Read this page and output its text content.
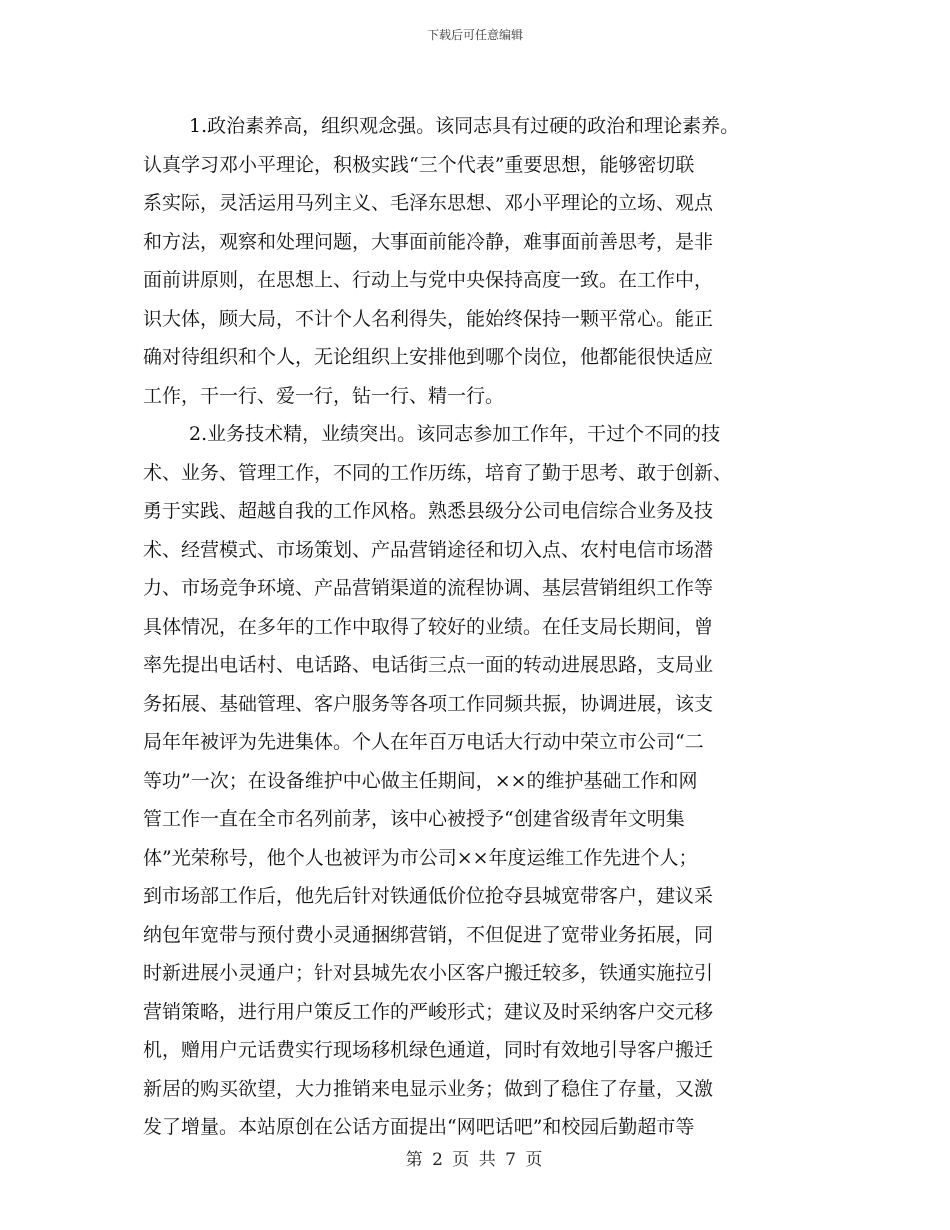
下载后可任意编辑
1.政治素养高，组织观念强。该同志具有过硬的政治和理论素养。
认真学习邓小平理论，积极实践“三个代表”重要思想，能够密切联
系实际，灵活运用马列主义、毛泽东思想、邓小平理论的立场、观点
和方法，观察和处理问题，大事面前能冷静，难事面前善思考，是非
面前讲原则，在思想上、行动上与党中央保持高度一致。在工作中，
识大体，顾大局，不计个人名利得失，能始终保持一颗平常心。能正
确对待组织和个人，无论组织上安排他到哪个岗位，他都能很快适应
工作，干一行、爱一行，钻一行、精一行。
2.业务技术精，业绩突出。该同志参加工作年，干过个不同的技
术、业务、管理工作，不同的工作历练，培育了勤于思考、敢于创新、
勇于实践、超越自我的工作风格。熟悉县级分公司电信综合业务及技
术、经营模式、市场策划、产品营销途径和切入点、农村电信市场潜
力、市场竞争环境、产品营销渠道的流程协调、基层营销组织工作等
具体情况，在多年的工作中取得了较好的业绩。在任支局长期间，曾
率先提出电话村、电话路、电话街三点一面的转动进展思路，支局业
务拓展、基础管理、客户服务等各项工作同频共振，协调进展，该支
局年年被评为先进集体。个人在年百万电话大行动中荣立市公司“二
等功”一次；在设备维护中心做主任期间，××的维护基础工作和网
管工作一直在全市名列前茅，该中心被授予“创建省级青年文明集
体”光荣称号，他个人也被评为市公司××年度运维工作先进个人；
到市场部工作后，他先后针对铁通低价位抢夺县城宽带客户，建议采
纳包年宽带与预付费小灵通捆绑营销，不但促进了宽带业务拓展，同
时新进展小灵通户；针对县城先农小区客户搬迁较多，铁通实施拉引
营销策略，进行用户策反工作的严峻形式；建议及时采纳客户交元移
机，赠用户元话费实行现场移机绿色通道，同时有效地引导客户搬迁
新居的购买欲望，大力推销来电显示业务；做到了稳住了存量，又激
发了增量。本站原创在公话方面提出“网吧话吧”和校园后勤超市等
第 2 页 共 7 页
